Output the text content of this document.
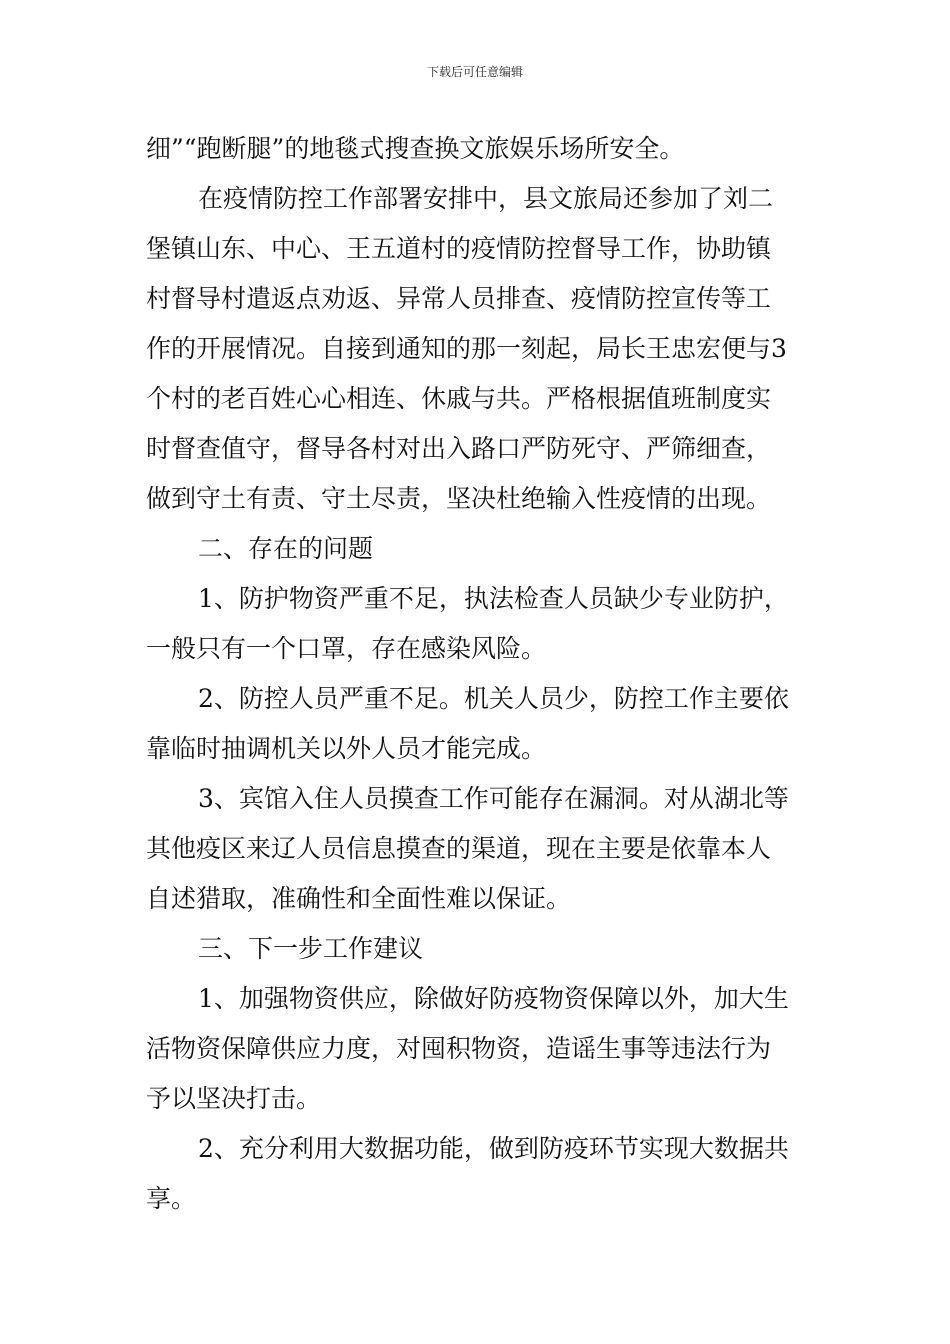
下载后可任意编辑
细”“跑断腿”的地毯式搜查换文旅娱乐场所安全。
在疫情防控工作部署安排中，县文旅局还参加了刘二
堡镇山东、中心、王五道村的疫情防控督导工作，协助镇
村督导村遣返点劝返、异常人员排查、疫情防控宣传等工
作的开展情况。自接到通知的那一刻起，局长王忠宏便与3
个村的老百姓心心相连、休戚与共。严格根据值班制度实
时督查值守，督导各村对出入路口严防死守、严筛细查，
做到守土有责、守土尽责，坚决杜绝输入性疫情的出现。
二、存在的问题
1、防护物资严重不足，执法检查人员缺少专业防护，
一般只有一个口罩，存在感染风险。
2、防控人员严重不足。机关人员少，防控工作主要依
靠临时抽调机关以外人员才能完成。
3、宾馆入住人员摸查工作可能存在漏洞。对从湖北等
其他疫区来辽人员信息摸查的渠道，现在主要是依靠本人
自述猎取，准确性和全面性难以保证。
三、下一步工作建议
1、加强物资供应，除做好防疫物资保障以外，加大生
活物资保障供应力度，对囤积物资，造谣生事等违法行为
予以坚决打击。
2、充分利用大数据功能，做到防疫环节实现大数据共
享。
